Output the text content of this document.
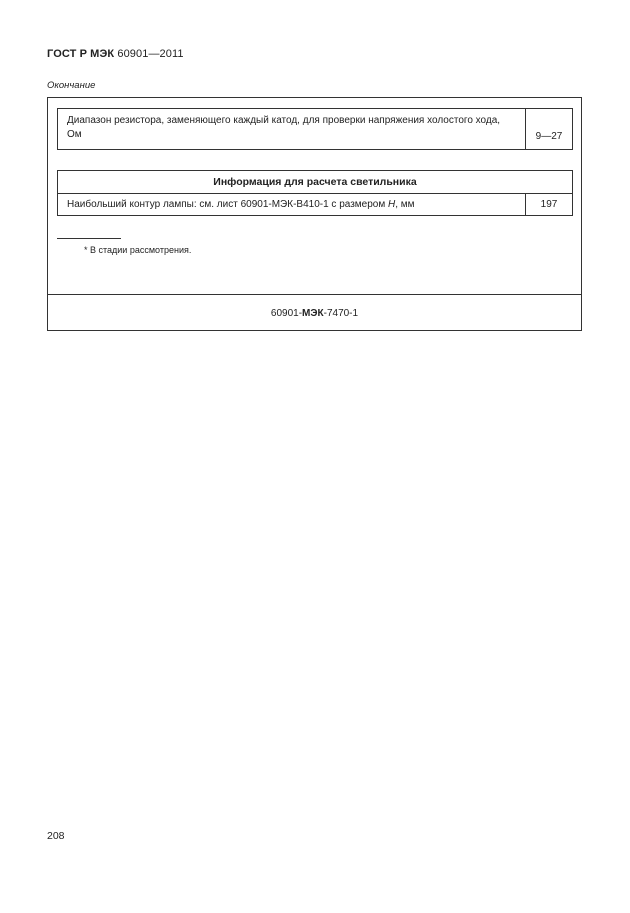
ГОСТ Р МЭК 60901—2011
Окончание
Диапазон резистора, заменяющего каждый катод, для проверки напряжения холостого хода, Ом	9—27
Информация для расчета светильника
Наибольший контур лампы: см. лист 60901-МЭК-В410-1 с размером H, мм	197
* В стадии рассмотрения.
60901- МЭК -7470-1
208
